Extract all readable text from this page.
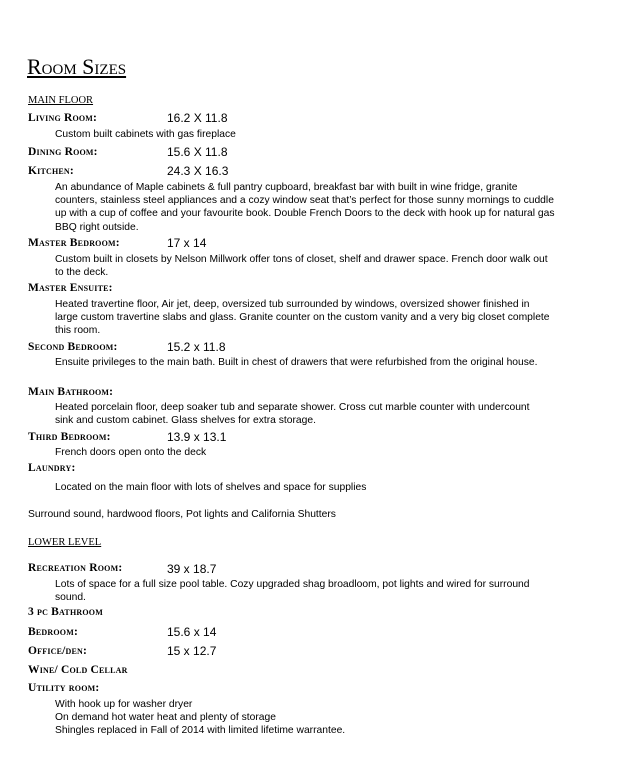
Room Sizes
MAIN FLOOR
Living Room:	16.2 X 11.8
Custom built cabinets with gas fireplace
Dining Room:	15.6 X 11.8
Kitchen:	24.3 X 16.3
An abundance of Maple cabinets & full pantry cupboard, breakfast bar with built in wine fridge, granite counters, stainless steel appliances and a cozy window seat that’s perfect for those sunny mornings to cuddle up with a cup of coffee and your favourite book. Double French Doors to the deck with hook up for natural gas BBQ right outside.
Master Bedroom:	17 x 14
Custom built in closets by Nelson Millwork offer tons of closet, shelf and drawer space. French door walk out to the deck.
Master Ensuite:
Heated travertine floor, Air jet, deep, oversized tub surrounded by windows, oversized shower finished in large custom travertine slabs and glass. Granite counter on the custom vanity and a very big closet complete this room.
Second Bedroom:	15.2 x 11.8
Ensuite privileges to the main bath. Built in chest of drawers that were refurbished from the original house.
Main Bathroom:
Heated porcelain floor, deep soaker tub and separate shower. Cross cut marble counter with undercount sink and custom cabinet. Glass shelves for extra storage.
Third Bedroom:	13.9 x 13.1
French doors open onto the deck
Laundry:
Located on the main floor with lots of shelves and space for supplies
Surround sound, hardwood floors, Pot lights and California Shutters
LOWER LEVEL
Recreation Room:	39 x 18.7
Lots of space for a full size pool table. Cozy upgraded shag broadloom, pot lights and wired for surround sound.
3 pc Bathroom
Bedroom:	15.6 x 14
Office/den:	15 x 12.7
Wine/ Cold Cellar
Utility room:
With hook up for washer dryer
On demand hot water heat and plenty of storage
Shingles replaced in Fall of 2014 with limited lifetime warrantee.
